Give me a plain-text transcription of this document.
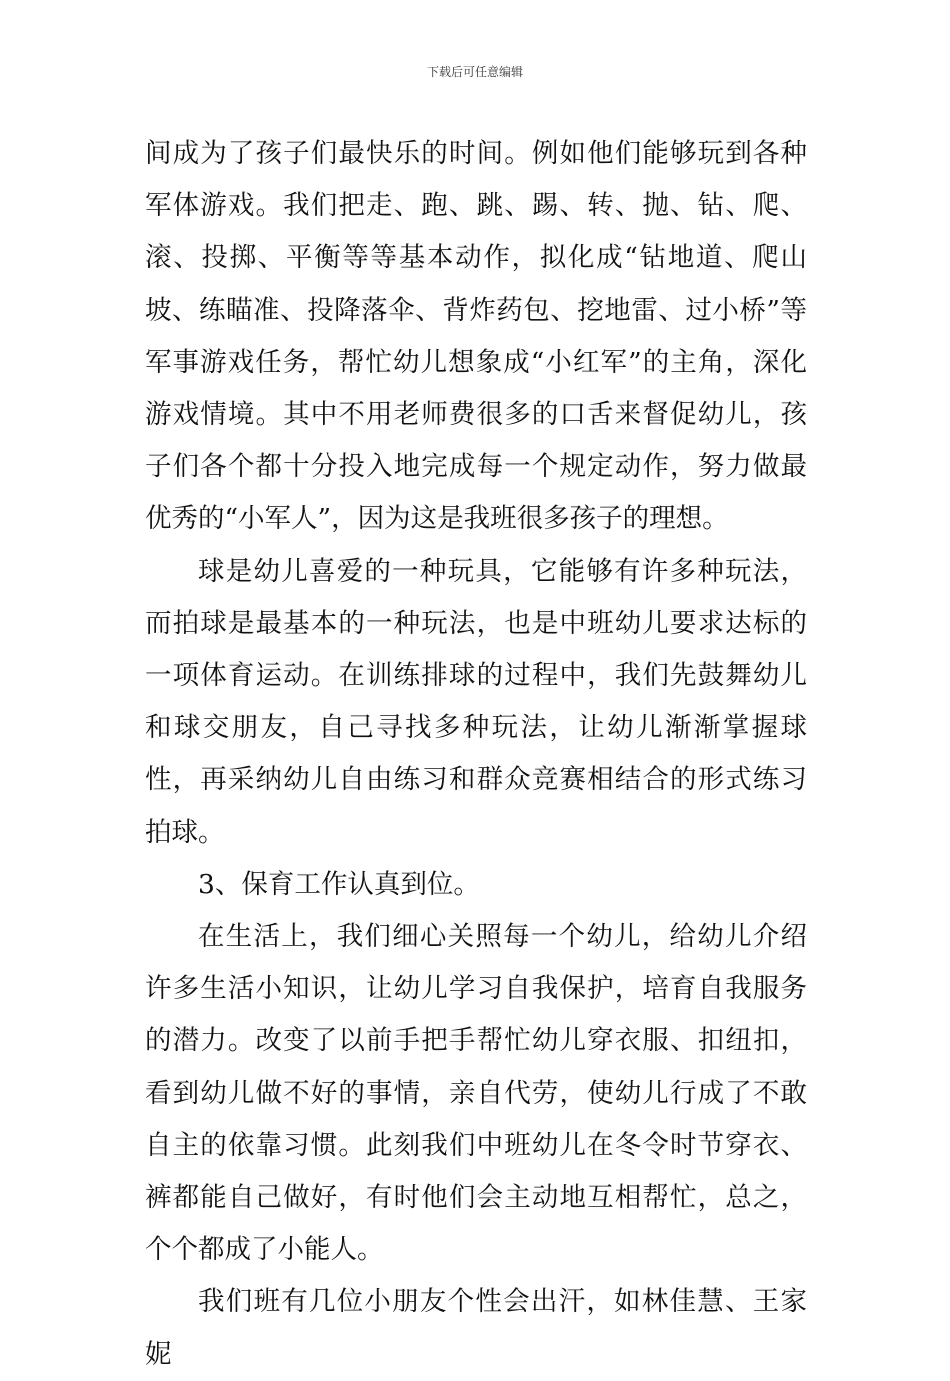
下载后可任意编辑

间成为了孩子们最快乐的时间。例如他们能够玩到各种军体游戏。我们把走、跑、跳、踢、转、抛、钻、爬、滚、投掷、平衡等等基本动作，拟化成“钻地道、爬山坡、练瞄准、投降落伞、背炸药包、挖地雷、过小桥”等军事游戏任务，帮忙幼儿想象成“小红军”的主角，深化游戏情境。其中不用老师费很多的口舌来督促幼儿，孩子们各个都十分投入地完成每一个规定动作，努力做最优秀的“小军人”，因为这是我班很多孩子的理想。

球是幼儿喜爱的一种玩具，它能够有许多种玩法，而拍球是最基本的一种玩法，也是中班幼儿要求达标的一项体育运动。在训练排球的过程中，我们先鼓舞幼儿和球交朋友，自己寻找多种玩法，让幼儿渐渐掌握球性，再采纳幼儿自由练习和群众竞赛相结合的形式练习拍球。

3、保育工作认真到位。

在生活上，我们细心关照每一个幼儿，给幼儿介绍许多生活小知识，让幼儿学习自我保护，培育自我服务的潜力。改变了以前手把手帮忙幼儿穿衣服、扣纽扣，看到幼儿做不好的事情，亲自代劳，使幼儿行成了不敢自主的依靠习惯。此刻我们中班幼儿在冬令时节穿衣、裤都能自己做好，有时他们会主动地互相帮忙，总之，个个都成了小能人。

我们班有几位小朋友个性会出汗，如林佳慧、王家妮
